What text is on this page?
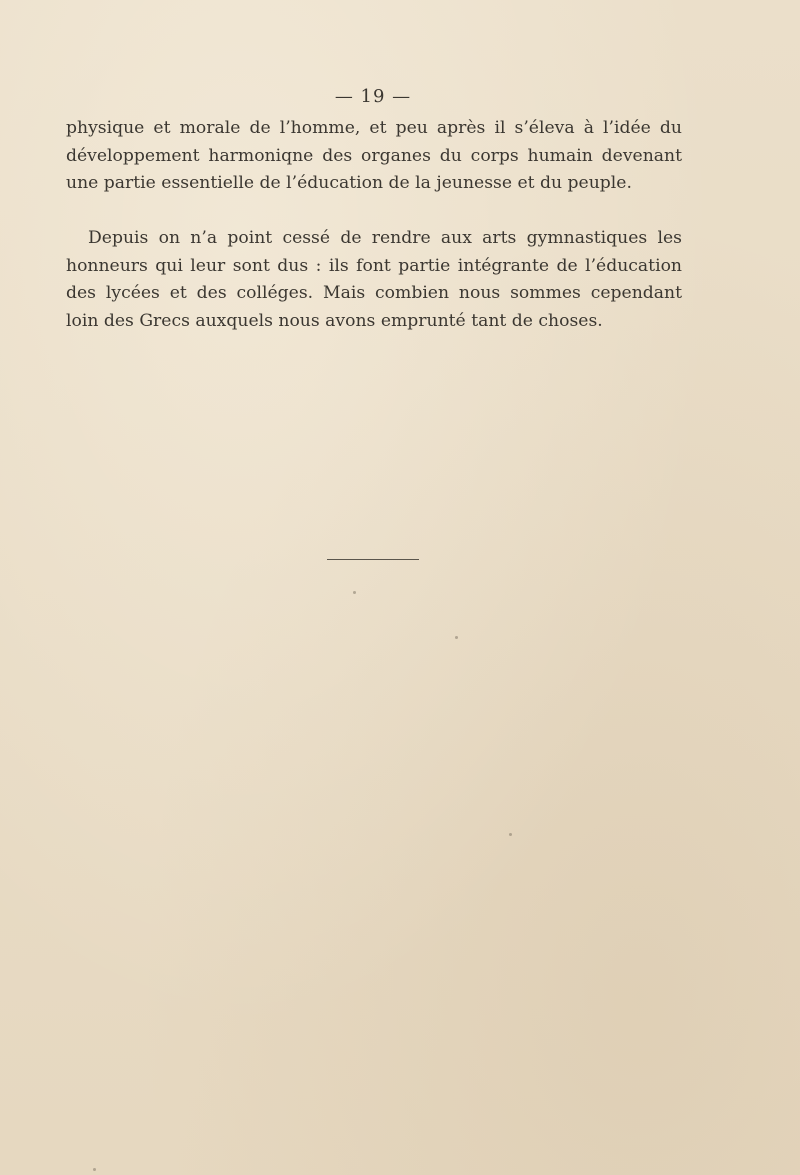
— 19 —
physique et morale de l’homme, et peu après il s’éleva à l’idée du
développement harmoniqne des organes du corps humain devenant
une partie essentielle de l’éducation de la jeunesse et du peuple.
Depuis on n’a point cessé de rendre aux arts gymnastiques les
honneurs qui leur sont dus : ils font partie intégrante de l’éducation
des lycées et des colléges. Mais combien nous sommes cependant
loin des Grecs auxquels nous avons emprunté tant de choses.
